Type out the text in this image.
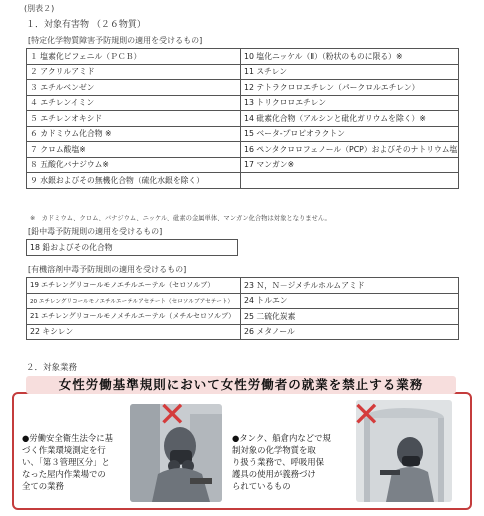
(別表２)
１．対象有害物 （２６物質）
[特定化学物質障害予防規則の適用を受けるもの]
１ 塩素化ビフェニル（ＰＣＢ）	10 塩化ニッケル（Ⅱ）（粉状のものに限る）※
２ アクリルアミド	11 スチレン
３ エチルベンゼン	12 テトラクロロエチレン（パークロルエチレン）
４ エチレンイミン	13 トリクロロエチレン
５ エチレンオキシド	14 砒素化合物（アルシンと砒化ガリウムを除く）※
６ カドミウム化合物 ※	15 ベータ-プロピオラクトン
７ クロム酸塩※	16 ペンタクロロフェノール（PCP）およびそのナトリウム塩
８ 五酸化バナジウム※	17 マンガン※
９ 水銀およびその無機化合物（硫化水銀を除く）	
※　カドミウム、クロム、バナジウム、ニッケル、砒素の金属単体、マンガン化合物は対象となりません。
[鉛中毒予防規則の適用を受けるもの]
18 鉛およびその化合物
[有機溶剤中毒予防規則の適用を受けるもの]
19 エチレングリコールモノエチルエーテル（セロソルブ）	23 Ｎ，Ｎ－ジメチルホルムアミド
20 エチレングリコールモノエチルエーテルアセテート（セロソルブアセテート）	24 トルエン
21 エチレングリコールモノメチルエーテル（メチルセロソルブ）	25 二硫化炭素
22 キシレン	26 メタノール
２．対象業務
女性労働基準規則において女性労働者の就業を禁止する業務
●労働安全衛生法令に基
づく作業環境測定を行
い、「第３管理区分」と
なった屋内作業場での
全ての業務
✕
●タンク、船倉内などで規
制対象の化学物質を取
り扱う業務で、呼吸用保
護具の使用が義務づけ
られているもの
✕
